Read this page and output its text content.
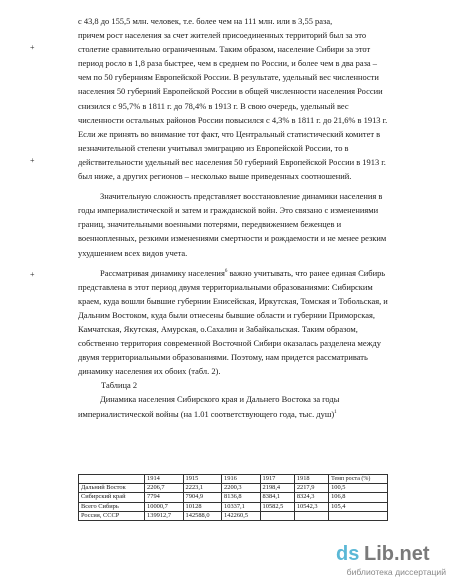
+
+
+

с 43,8 до 155,5 млн. человек, т.е. более чем на 111 млн. или в 3,55 раза,

причем рост населения за счет жителей присоединенных территорий был за это

столетие сравнительно ограниченным. Таким образом, население Сибири за этот

период росло в 1,8 раза быстрее, чем в среднем по России, и более чем в два раза –

чем по 50 губерниям Европейской России. В результате, удельный вес численности

населения 50 губерний Европейской России в общей численности населения России

снизился с 95,7% в 1811 г. до 78,4% в 1913 г. В свою очередь, удельный вес

численности остальных районов России повысился с 4,3% в 1811 г. до 21,6% в 1913 г.

Если же принять во внимание тот факт, что Центральный статистический комитет в

незначительной степени учитывал эмиграцию из Европейской России, то в

действительности удельный вес населения 50 губерний Европейской России в 1913 г.

был ниже, а других регионов – несколько выше приведенных соотношений.

Значительную сложность представляет восстановление динамики населения в

годы империалистической и затем и гражданской войн. Это связано с изменениями

границ, значительными военными потерями, передвижением беженцев и

военнопленных, резкими изменениями смертности и рождаемости и не менее резким

ухудшением всех видов учета.

Рассматривая динамику населения$^6$ важно учитывать, что ранее единая Сибирь

представлена в этот период двумя территориальными образованиями: Сибирским

краем, куда вошли бывшие губернии Енисейская, Иркутская, Томская и Тобольская, и

Дальним Востоком, куда были отнесены бывшие области и губернии Приморская,

Камчатская, Якутская, Амурская, о.Сахалин и Забайкальская. Таким образом,

собственно территория современной Восточной Сибири оказалась разделена между

двумя территориальными образованиями. Поэтому, нам придется рассматривать

динамику населения их обоих (табл. 2).

Таблица 2

Динамика населения Сибирского края и Дальнего Востока за годы

империалистической войны (на 1.01 соответствующего года, тыс. душ)$^1$

	1914	1915	1916	1917	1918	Темп роста (%)
Дальний Восток	2206,7	2223,1	2200,3	2198,4	2217,9	100,5
Сибирский край	7794	7904,9	8136,8	8384,1	8324,3	106,8
Всего Сибирь	10000,7	10128	10337,1	10582,5	10542,3	105,4
Россия, СССР	139912,7	142588,0	142260,5			
ds Lib.net
библиотека диссертаций
